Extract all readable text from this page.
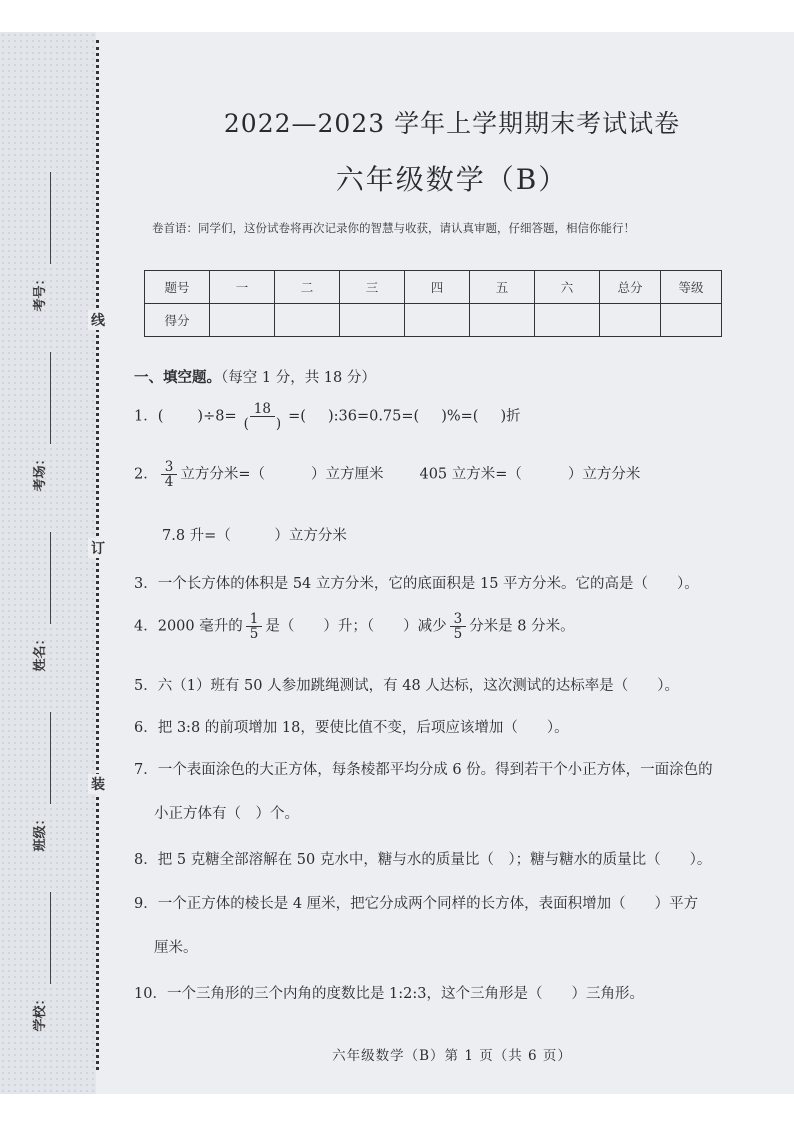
考号：
考场：
姓名：
班级：
学校：
线
订
装
2022—2023 学年上学期期末考试试卷
六年级数学（B）
卷首语：同学们，这份试卷将再次记录你的智慧与收获，请认真审题，仔细答题，相信你能行！
题号	一	二	三	四	五	六	总分	等级
得分								
一、填空题。（每空 1 分，共 18 分）
1．( )$\div 8= \frac{18}{( )}$ =( ):36=0.75=( )%=( )折
2． $\frac{3}{4}$ 立方分米=（	）立方厘米 405 立方米=（	）立方分米
7.8 升=（　　　）立方分米
3．一个长方体的体积是 54 立方分米，它的底面积是 15 平方分米。它的高是（　　）。
4．2000 毫升的 $\frac{1}{5}$ 是（　　）升；（　　）减少 $\frac{3}{5}$ 分米是 8 分米。
5．六（1）班有 50 人参加跳绳测试，有 48 人达标，这次测试的达标率是（　　）。
6．把 3:8 的前项增加 18，要使比值不变，后项应该增加（　　）。
7．一个表面涂色的大正方体，每条棱都平均分成 6 份。得到若干个小正方体，一面涂色的
小正方体有（　）个。
8．把 5 克糖全部溶解在 50 克水中，糖与水的质量比（　）；糖与糖水的质量比（　　）。
9．一个正方体的棱长是 4 厘米，把它分成两个同样的长方体，表面积增加（　　）平方
厘米。
10．一个三角形的三个内角的度数比是 1:2:3，这个三角形是（　　）三角形。
六年级数学（B）第 1 页（共 6 页）
